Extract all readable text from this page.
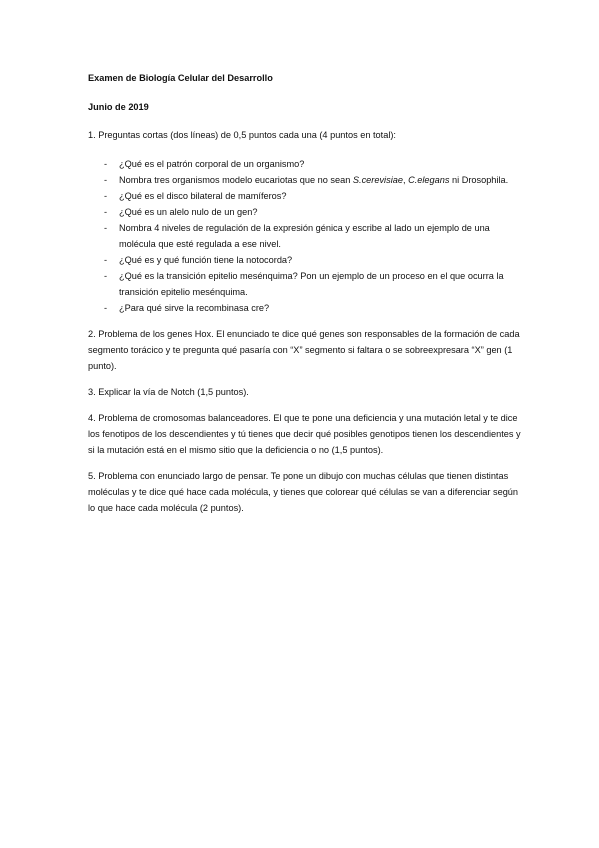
Examen de Biología Celular del Desarrollo

Junio de 2019

1. Preguntas cortas (dos líneas) de 0,5 puntos cada una (4 puntos en total):

- ¿Qué es el patrón corporal de un organismo?
- Nombra tres organismos modelo eucariotas que no sean S.cerevisiae, C.elegans ni Drosophila.
- ¿Qué es el disco bilateral de mamíferos?
- ¿Qué es un alelo nulo de un gen?
- Nombra 4 niveles de regulación de la expresión génica y escribe al lado un ejemplo de una molécula que esté regulada a ese nivel.
- ¿Qué es y qué función tiene la notocorda?
- ¿Qué es la transición epitelio mesénquima? Pon un ejemplo de un proceso en el que ocurra la transición epitelio mesénquima.
- ¿Para qué sirve la recombinasa cre?

2. Problema de los genes Hox. El enunciado te dice qué genes son responsables de la formación de cada segmento torácico y te pregunta qué pasaría con “X” segmento si faltara o se sobreexpresara “X” gen (1 punto).

3. Explicar la vía de Notch (1,5 puntos).

4. Problema de cromosomas balanceadores. El que te pone una deficiencia y una mutación letal y te dice los fenotipos de los descendientes y tú tienes que decir qué posibles genotipos tienen los descendientes y si la mutación está en el mismo sitio que la deficiencia o no (1,5 puntos).

5. Problema con enunciado largo de pensar. Te pone un dibujo con muchas células que tienen distintas moléculas y te dice qué hace cada molécula, y tienes que colorear qué células se van a diferenciar según lo que hace cada molécula (2 puntos).
